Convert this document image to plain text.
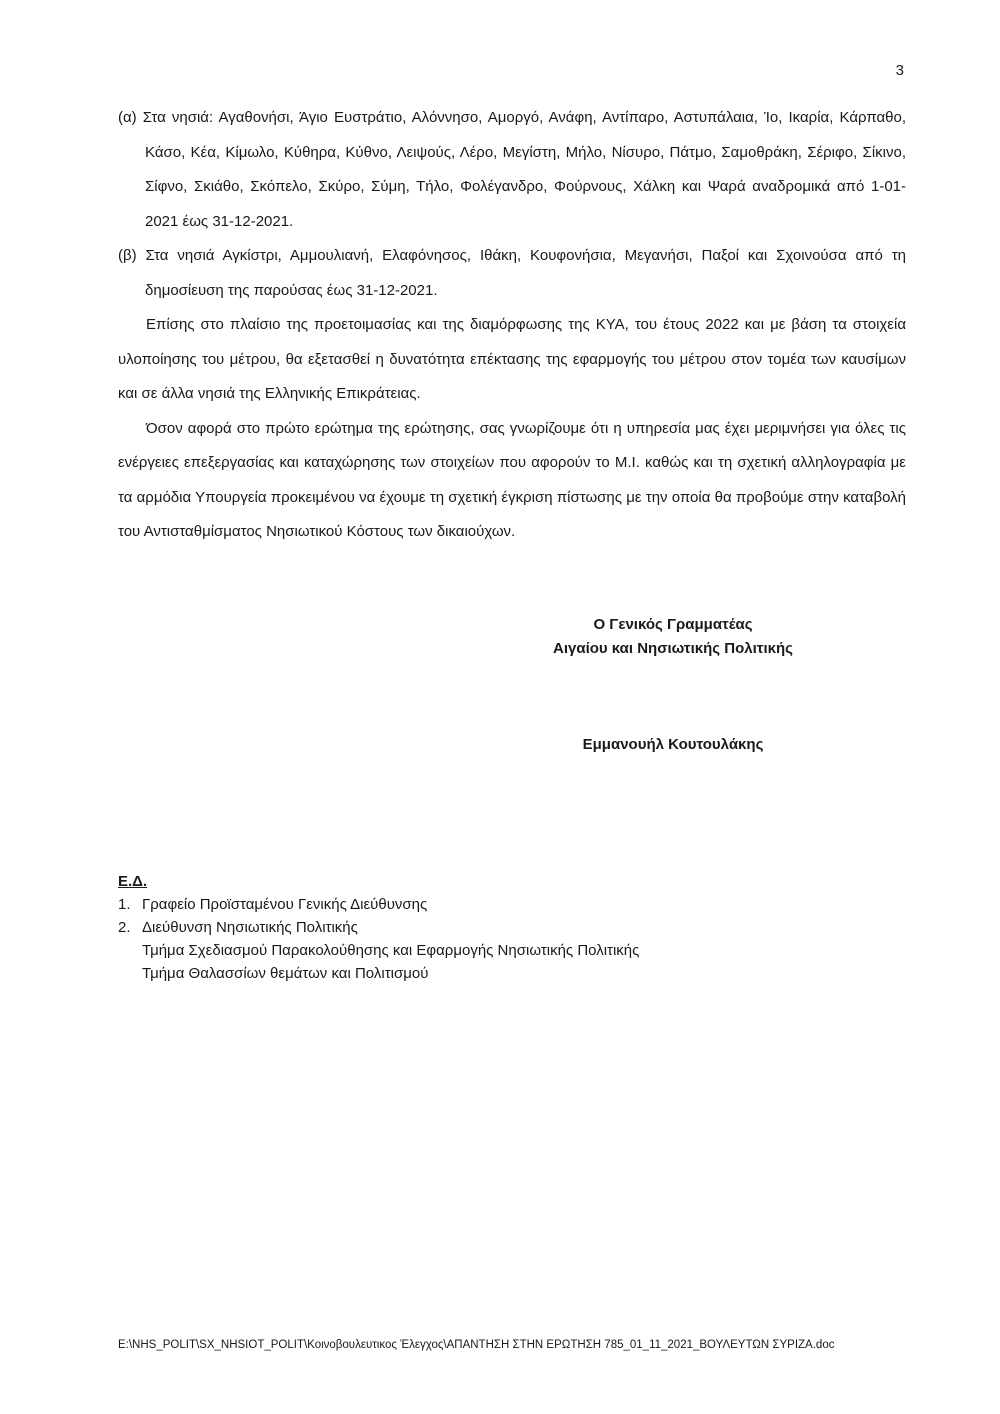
3

(α) Στα νησιά: Αγαθονήσι, Άγιο Ευστράτιο, Αλόννησο, Αμοργό, Ανάφη, Αντίπαρο, Αστυπάλαια, Ίο, Ικαρία, Κάρπαθο, Κάσο, Κέα, Κίμωλο, Κύθηρα, Κύθνο, Λειψούς, Λέρο, Μεγίστη, Μήλο, Νίσυρο, Πάτμο, Σαμοθράκη, Σέριφο, Σίκινο, Σίφνο, Σκιάθο, Σκόπελο, Σκύρο, Σύμη, Τήλο, Φολέγανδρο, Φούρνους, Χάλκη και Ψαρά αναδρομικά από 1-01-2021 έως 31-12-2021.

(β) Στα νησιά Αγκίστρι, Αμμουλιανή, Ελαφόνησος, Ιθάκη, Κουφονήσια, Μεγανήσι, Παξοί και Σχοινούσα από τη δημοσίευση της παρούσας έως 31-12-2021.

Επίσης στο πλαίσιο της προετοιμασίας και της διαμόρφωσης της ΚΥΑ, του έτους 2022 και με βάση τα στοιχεία υλοποίησης του μέτρου, θα εξετασθεί η δυνατότητα επέκτασης της εφαρμογής του μέτρου στον τομέα των καυσίμων και σε άλλα νησιά της Ελληνικής Επικράτειας.

Όσον αφορά στο πρώτο ερώτημα της ερώτησης, σας γνωρίζουμε ότι η υπηρεσία μας έχει μεριμνήσει για όλες τις ενέργειες επεξεργασίας και καταχώρησης των στοιχείων που αφορούν το Μ.Ι. καθώς και τη σχετική αλληλογραφία με τα αρμόδια Υπουργεία προκειμένου να έχουμε τη σχετική έγκριση πίστωσης με την οποία θα προβούμε στην καταβολή του Αντισταθμίσματος Νησιωτικού Κόστους των δικαιούχων.

Ο Γενικός Γραμματέας
Αιγαίου και Νησιωτικής Πολιτικής
Εμμανουήλ Κουτουλάκης
Ε.Δ.
1. Γραφείο Προϊσταμένου Γενικής Διεύθυνσης
2. Διεύθυνση Νησιωτικής Πολιτικής
Τμήμα Σχεδιασμού Παρακολούθησης και Εφαρμογής Νησιωτικής Πολιτικής
Τμήμα Θαλασσίων θεμάτων και Πολιτισμού
E:\NHS_POLIT\SX_NHSIOT_POLIT\Κοινοβουλευτικος Έλεγχος\ΑΠΑΝΤΗΣΗ ΣΤΗΝ ΕΡΩΤΗΣΗ 785_01_11_2021_ΒΟΥΛΕΥΤΩΝ ΣΥΡΙΖΑ.doc
